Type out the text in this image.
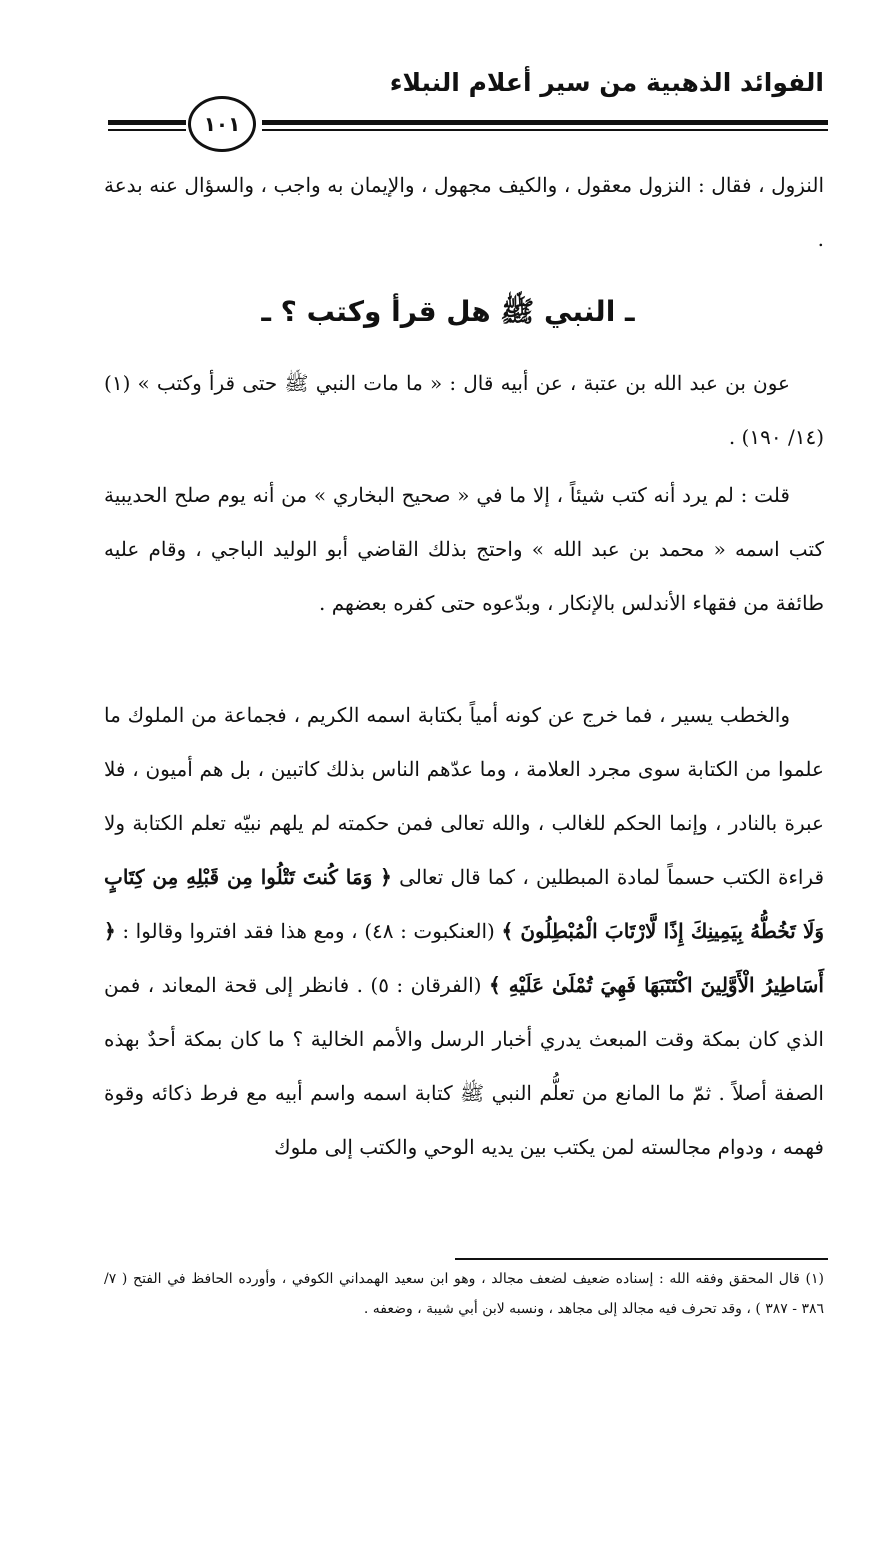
الفوائد الذهبية من سير أعلام النبلاء
١٠١
النزول ، فقال : النزول معقول ، والكيف مجهول ، والإيمان به واجب ، والسؤال عنه بدعة .
ـ النبي ﷺ هل قرأ وكتب ؟ ـ
عون بن عبد الله بن عتبة ، عن أبيه قال : « ما مات النبي ﷺ حتى قرأ وكتب » (١) (١٤/ ١٩٠) .
قلت : لم يرد أنه كتب شيئاً ، إلا ما في « صحيح البخاري » من أنه يوم صلح الحديبية كتب اسمه « محمد بن عبد الله » واحتج بذلك القاضي أبو الوليد الباجي ، وقام عليه طائفة من فقهاء الأندلس بالإنكار ، وبدّعوه حتى كفره بعضهم .
والخطب يسير ، فما خرج عن كونه أمياً بكتابة اسمه الكريم ، فجماعة من الملوك ما علموا من الكتابة سوى مجرد العلامة ، وما عدّهم الناس بذلك كاتبين ، بل هم أميون ، فلا عبرة بالنادر ، وإنما الحكم للغالب ، والله تعالى فمن حكمته لم يلهم نبيّه تعلم الكتابة ولا قراءة الكتب حسماً لمادة المبطلين ، كما قال تعالى ﴿ وَمَا كُنتَ تَتْلُوا مِن قَبْلِهِ مِن كِتَابٍ وَلَا تَخُطُّهُ بِيَمِينِكَ إِذًا لَّارْتَابَ الْمُبْطِلُونَ ﴾ (العنكبوت : ٤٨) ، ومع هذا فقد افتروا وقالوا : ﴿ أَسَاطِيرُ الْأَوَّلِينَ اكْتَتَبَهَا فَهِيَ تُمْلَىٰ عَلَيْهِ ﴾ (الفرقان : ٥) . فانظر إلى قحة المعاند ، فمن الذي كان بمكة وقت المبعث يدري أخبار الرسل والأمم الخالية ؟ ما كان بمكة أحدٌ بهذه الصفة أصلاً . ثمّ ما المانع من تعلُّم النبي ﷺ كتابة اسمه واسم أبيه مع فرط ذكائه وقوة فهمه ، ودوام مجالسته لمن يكتب بين يديه الوحي والكتب إلى ملوك
(١) قال المحقق وفقه الله : إسناده ضعيف لضعف مجالد ، وهو ابن سعيد الهمداني الكوفي ، وأورده الحافظ في الفتح ( ٧/ ٣٨٦ - ٣٨٧ ) ، وقد تحرف فيه مجالد إلى مجاهد ، ونسبه لابن أبي شيبة ، وضعفه .
